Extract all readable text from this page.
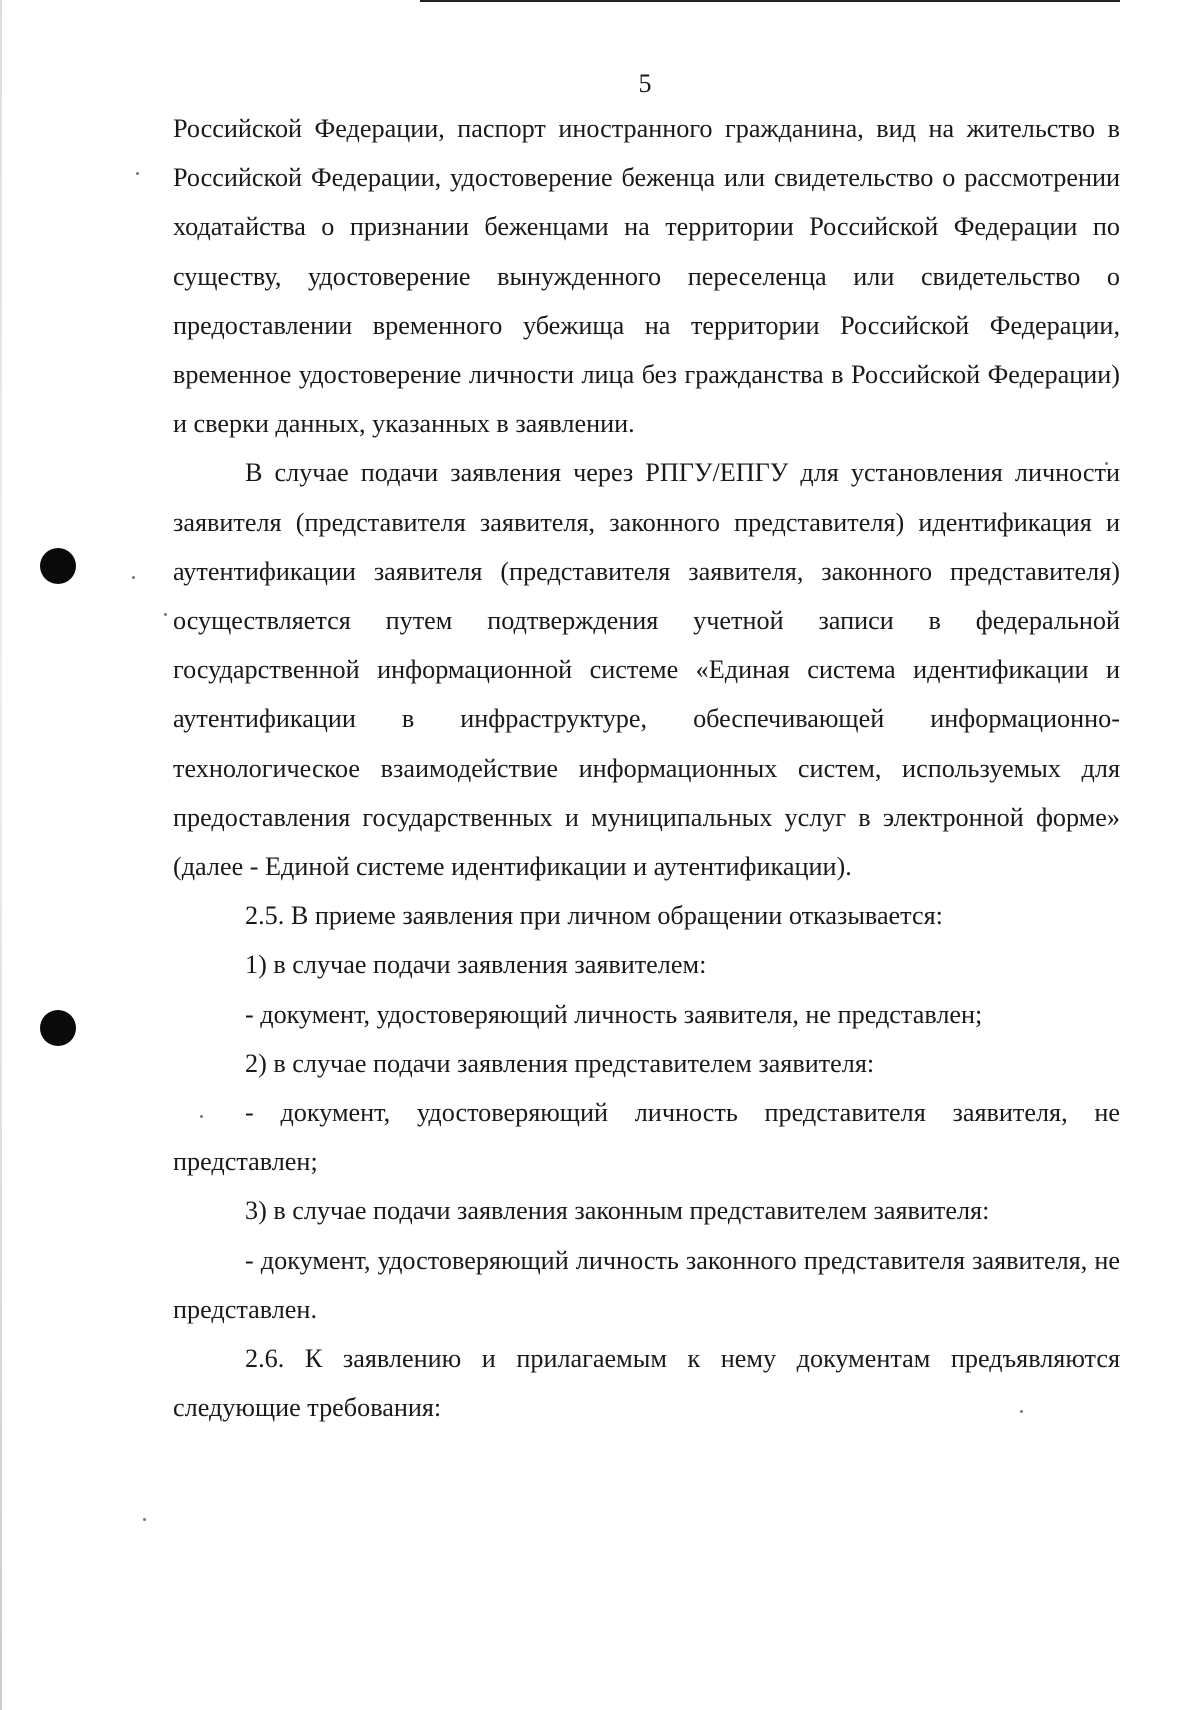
5

Российской Федерации, паспорт иностранного гражданина, вид на жительство в Российской Федерации, удостоверение беженца или свидетельство о рассмотрении ходатайства о признании беженцами на территории Российской Федерации по существу, удостоверение вынужденного переселенца или свидетельство о предоставлении временного убежища на территории Российской Федерации, временное удостоверение личности лица без гражданства в Российской Федерации) и сверки данных, указанных в заявлении.

В случае подачи заявления через РПГУ/ЕПГУ для установления личности заявителя (представителя заявителя, законного представителя) идентификация и аутентификации заявителя (представителя заявителя, законного представителя) осуществляется путем подтверждения учетной записи в федеральной государственной информационной системе «Единая система идентификации и аутентификации в инфраструктуре, обеспечивающей информационно-технологическое взаимодействие информационных систем, используемых для предоставления государственных и муниципальных услуг в электронной форме» (далее - Единой системе идентификации и аутентификации).

2.5. В приеме заявления при личном обращении отказывается:

1) в случае подачи заявления заявителем:

- документ, удостоверяющий личность заявителя, не представлен;

2) в случае подачи заявления представителем заявителя:

- документ, удостоверяющий личность представителя заявителя, не представлен;

3) в случае подачи заявления законным представителем заявителя:

- документ, удостоверяющий личность законного представителя заявителя, не представлен.

2.6. К заявлению и прилагаемым к нему документам предъявляются следующие требования:
